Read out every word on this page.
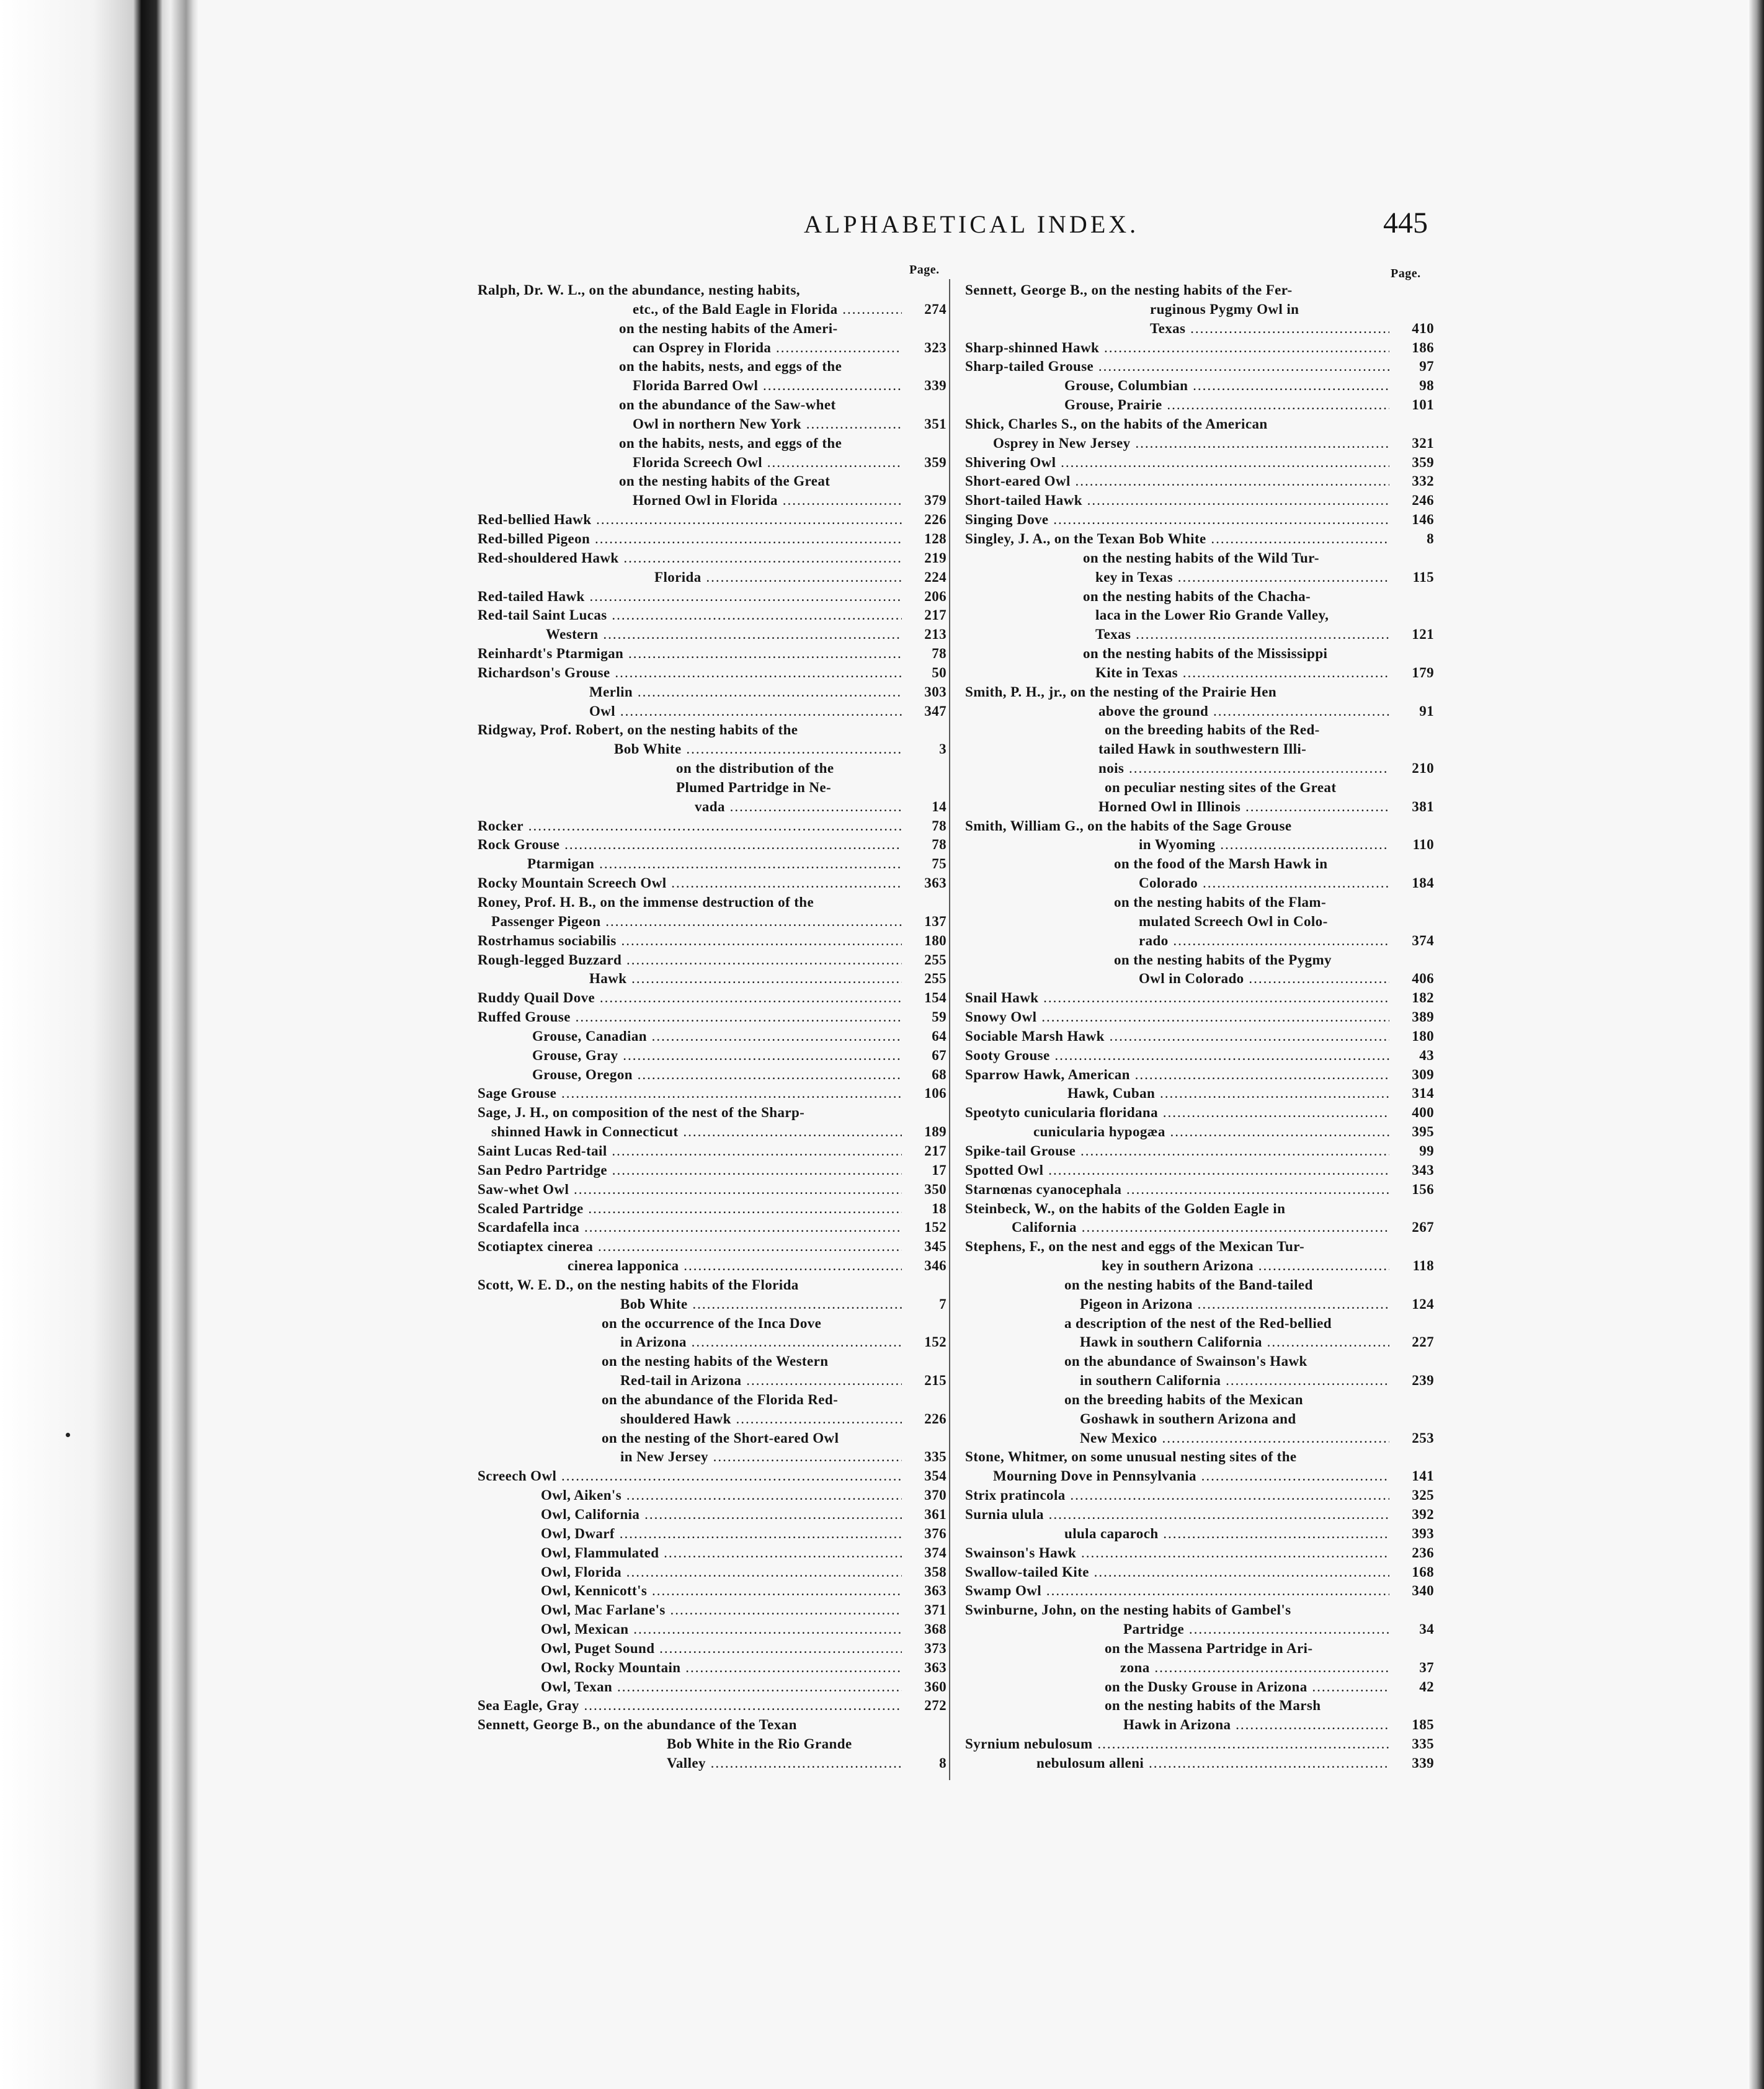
ALPHABETICAL INDEX.	445
Page.	Page.
Ralph, Dr. W. L., on the abundance, nesting habits,
etc., of the Bald Eagle in Florida .....	274
on the nesting habits of the Ameri-
can Osprey in Florida .....	323
on the habits, nests, and eggs of the
Florida Barred Owl .....	339
on the abundance of the Saw-whet
Owl in northern New York .....	351
on the habits, nests, and eggs of the
Florida Screech Owl .....	359
on the nesting habits of the Great
Horned Owl in Florida .....	379
Red-bellied Hawk .....	226
Red-billed Pigeon .....	128
Red-shouldered Hawk .....	219
Florida .....	224
Red-tailed Hawk .....	206
Red-tail Saint Lucas .....	217
Western .....	213
Reinhardt's Ptarmigan .....	78
Richardson's Grouse .....	50
Merlin .....	303
Owl .....	347
Ridgway, Prof. Robert, on the nesting habits of the
Bob White .....	3
on the distribution of the
Plumed Partridge in Ne-
vada .....	14
Rocker .....	78
Rock Grouse .....	78
Ptarmigan .....	75
Rocky Mountain Screech Owl .....	363
Roney, Prof. H. B., on the immense destruction of the
Passenger Pigeon .....	137
Rostrhamus sociabilis .....	180
Rough-legged Buzzard .....	255
Hawk .....	255
Ruddy Quail Dove .....	154
Ruffed Grouse .....	59
Grouse, Canadian .....	64
Grouse, Gray .....	67
Grouse, Oregon .....	68
Sage Grouse .....	106
Sage, J. H., on composition of the nest of the Sharp-
shinned Hawk in Connecticut .....	189
Saint Lucas Red-tail .....	217
San Pedro Partridge .....	17
Saw-whet Owl .....	350
Scaled Partridge .....	18
Scardafella inca .....	152
Scotiaptex cinerea .....	345
cinerea lapponica .....	346
Scott, W. E. D., on the nesting habits of the Florida
Bob White .....	7
on the occurrence of the Inca Dove
in Arizona .....	152
on the nesting habits of the Western
Red-tail in Arizona .....	215
on the abundance of the Florida Red-
shouldered Hawk .....	226
on the nesting of the Short-eared Owl
in New Jersey .....	335
Screech Owl .....	354
Owl, Aiken's .....	370
Owl, California .....	361
Owl, Dwarf .....	376
Owl, Flammulated .....	374
Owl, Florida .....	358
Owl, Kennicott's .....	363
Owl, Mac Farlane's .....	371
Owl, Mexican .....	368
Owl, Puget Sound .....	373
Owl, Rocky Mountain .....	363
Owl, Texan .....	360
Sea Eagle, Gray .....	272
Sennett, George B., on the abundance of the Texan
Bob White in the Rio Grande
Valley .....	8
Sennett, George B., on the nesting habits of the Fer-
ruginous Pygmy Owl in
Texas .....	410
Sharp-shinned Hawk .....	186
Sharp-tailed Grouse .....	97
Grouse, Columbian .....	98
Grouse, Prairie .....	101
Shick, Charles S., on the habits of the American
Osprey in New Jersey .....	321
Shivering Owl .....	359
Short-eared Owl .....	332
Short-tailed Hawk .....	246
Singing Dove .....	146
Singley, J. A., on the Texan Bob White .....	8
on the nesting habits of the Wild Tur-
key in Texas .....	115
on the nesting habits of the Chacha-
laca in the Lower Rio Grande Valley,
Texas .....	121
on the nesting habits of the Mississippi
Kite in Texas .....	179
Smith, P. H., jr., on the nesting of the Prairie Hen
above the ground .....	91
on the breeding habits of the Red-
tailed Hawk in southwestern Illi-
nois .....	210
on peculiar nesting sites of the Great
Horned Owl in Illinois .....	381
Smith, William G., on the habits of the Sage Grouse
in Wyoming .....	110
on the food of the Marsh Hawk in
Colorado .....	184
on the nesting habits of the Flam-
mulated Screech Owl in Colo-
rado .....	374
on the nesting habits of the Pygmy
Owl in Colorado .....	406
Snail Hawk .....	182
Snowy Owl .....	389
Sociable Marsh Hawk .....	180
Sooty Grouse .....	43
Sparrow Hawk, American .....	309
Hawk, Cuban .....	314
Speotyto cunicularia floridana .....	400
cunicularia hypogæa .....	395
Spike-tail Grouse .....	99
Spotted Owl .....	343
Starnœnas cyanocephala .....	156
Steinbeck, W., on the habits of the Golden Eagle in
California .....	267
Stephens, F., on the nest and eggs of the Mexican Tur-
key in southern Arizona .....	118
on the nesting habits of the Band-tailed
Pigeon in Arizona .....	124
a description of the nest of the Red-bellied
Hawk in southern California .....	227
on the abundance of Swainson's Hawk
in southern California .....	239
on the breeding habits of the Mexican
Goshawk in southern Arizona and
New Mexico .....	253
Stone, Whitmer, on some unusual nesting sites of the
Mourning Dove in Pennsylvania .....	141
Strix pratincola .....	325
Surnia ulula .....	392
ulula caparoch .....	393
Swainson's Hawk .....	236
Swallow-tailed Kite .....	168
Swamp Owl .....	340
Swinburne, John, on the nesting habits of Gambel's
Partridge .....	34
on the Massena Partridge in Ari-
zona .....	37
on the Dusky Grouse in Arizona .....	42
on the nesting habits of the Marsh
Hawk in Arizona .....	185
Syrnium nebulosum .....	335
nebulosum alleni .....	339
